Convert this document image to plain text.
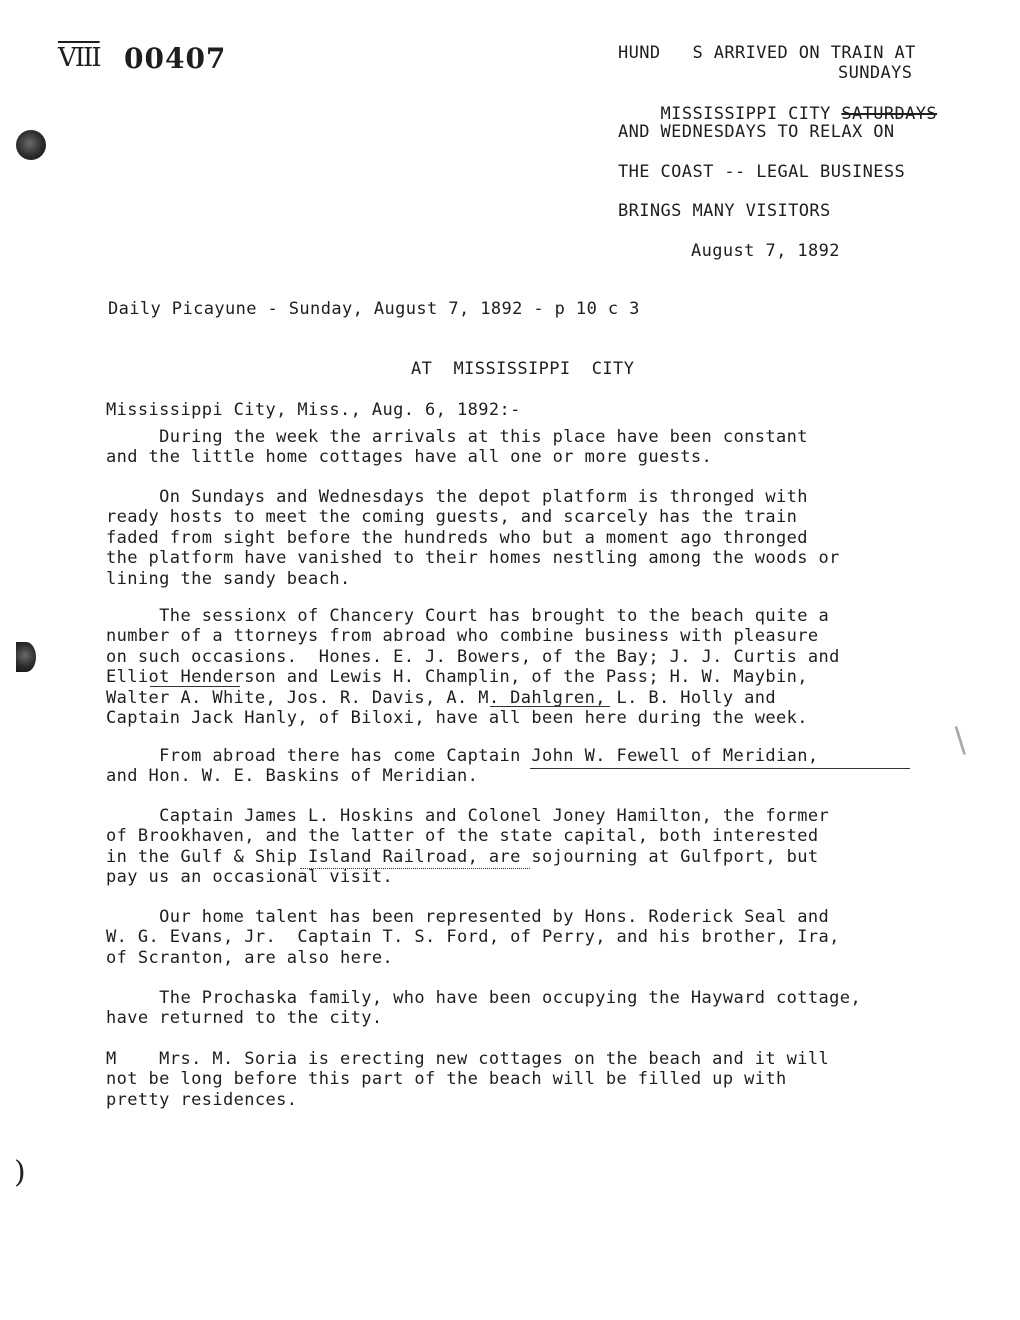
)
VIII 00407	HUND   S ARRIVED ON TRAIN AT
SUNDAYS

MISSISSIPPI CITY SATURDAYS

AND WEDNESDAYS TO RELAX ON
THE COAST -- LEGAL BUSINESS
BRINGS MANY VISITORS
August 7, 1892
Daily Picayune - Sunday, August 7, 1892 - p 10 c 3
AT  MISSISSIPPI  CITY
Mississippi City, Miss., Aug. 6, 1892:-
During the week the arrivals at this place have been constant
and the little home cottages have all one or more guests.
On Sundays and Wednesdays the depot platform is thronged with
ready hosts to meet the coming guests, and scarcely has the train
faded from sight before the hundreds who but a moment ago thronged
the platform have vanished to their homes nestling among the woods or
lining the sandy beach.
The sessionx of Chancery Court has brought to the beach quite a
number of a ttorneys from abroad who combine business with pleasure
on such occasions.  Hones. E. J. Bowers, of the Bay; J. J. Curtis and
Elliot Henderson and Lewis H. Champlin, of the Pass; H. W. Maybin,
Walter A. White, Jos. R. Davis, A. M. Dahlgren, L. B. Holly and
Captain Jack Hanly, of Biloxi, have all been here during the week.
From abroad there has come Captain John W. Fewell of Meridian,
and Hon. W. E. Baskins of Meridian.
Captain James L. Hoskins and Colonel Joney Hamilton, the former
of Brookhaven, and the latter of the state capital, both interested
in the Gulf & Ship Island Railroad, are sojourning at Gulfport, but
pay us an occasional visit.
Our home talent has been represented by Hons. Roderick Seal and
W. G. Evans, Jr.  Captain T. S. Ford, of Perry, and his brother, Ira,
of Scranton, are also here.
The Prochaska family, who have been occupying the Hayward cottage,
have returned to the city.
M    Mrs. M. Soria is erecting new cottages on the beach and it will
not be long before this part of the beach will be filled up with
pretty residences.
∖
